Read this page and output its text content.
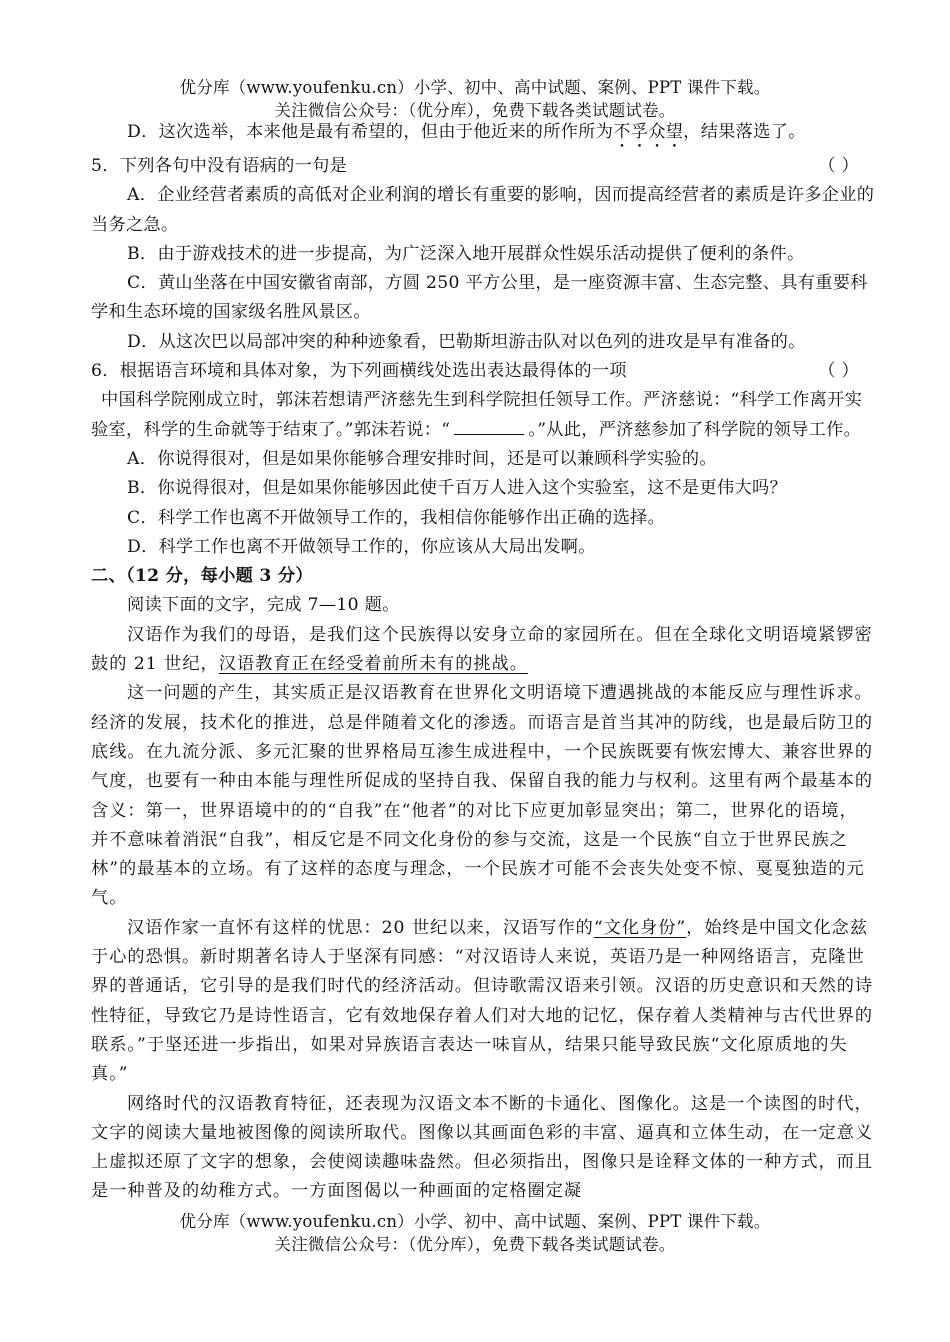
优分库（www.youfenku.cn）小学、初中、高中试题、案例、PPT 课件下载。
关注微信公众号：（优分库），免费下载各类试题试卷。

D．这次选举，本来他是最有希望的，但由于他近来的所作所为不孚众望，结果落选了。

5．下列各句中没有语病的一句是	（ ）

A．企业经营者素质的高低对企业利润的增长有重要的影响，因而提高经营者的素质是许多企业的当务之急。

B．由于游戏技术的进一步提高，为广泛深入地开展群众性娱乐活动提供了便利的条件。

C．黄山坐落在中国安徽省南部，方圆 250 平方公里，是一座资源丰富、生态完整、具有重要科学和生态环境的国家级名胜风景区。

D．从这次巴以局部冲突的种种迹象看，巴勒斯坦游击队对以色列的进攻是早有准备的。

6．根据语言环境和具体对象，为下列画横线处选出表达最得体的一项	（ ）

中国科学院刚成立时，郭沫若想请严济慈先生到科学院担任领导工作。严济慈说：“科学工作离开实验室，科学的生命就等于结束了。”郭沫若说：“	。”从此，严济慈参加了科学院的领导工作。

A．你说得很对，但是如果你能够合理安排时间，还是可以兼顾科学实验的。

B．你说得很对，但是如果你能够因此使千百万人进入这个实验室，这不是更伟大吗？

C．科学工作也离不开做领导工作的，我相信你能够作出正确的选择。

D．科学工作也离不开做领导工作的，你应该从大局出发啊。

二、（12 分，每小题 3 分）

阅读下面的文字，完成 7—10 题。

汉语作为我们的母语，是我们这个民族得以安身立命的家园所在。但在全球化文明语境紧锣密鼓的 21 世纪，汉语教育正在经受着前所未有的挑战。

这一问题的产生，其实质正是汉语教育在世界化文明语境下遭遇挑战的本能反应与理性诉求。经济的发展，技术化的推进，总是伴随着文化的渗透。而语言是首当其冲的防线，也是最后防卫的底线。在九流分派、多元汇聚的世界格局互渗生成进程中，一个民族既要有恢宏博大、兼容世界的气度，也要有一种由本能与理性所促成的坚持自我、保留自我的能力与权利。这里有两个最基本的含义：第一，世界语境中的的“自我”在“他者”的对比下应更加彰显突出；第二，世界化的语境，并不意味着消泯“自我”，相反它是不同文化身份的参与交流，这是一个民族“自立于世界民族之林”的最基本的立场。有了这样的态度与理念，一个民族才可能不会丧失处变不惊、戛戛独造的元气。

汉语作家一直怀有这样的忧思：20 世纪以来，汉语写作的“文化身份”，始终是中国文化念兹于心的恐惧。新时期著名诗人于坚深有同感：“对汉语诗人来说，英语乃是一种网络语言，克隆世界的普通话，它引导的是我们时代的经济活动。但诗歌需汉语来引领。汉语的历史意识和天然的诗性特征，导致它乃是诗性语言，它有效地保存着人们对大地的记忆，保存着人类精神与古代世界的联系。”于坚还进一步指出，如果对异族语言表达一味盲从，结果只能导致民族“文化原质地的失真。”

网络时代的汉语教育特征，还表现为汉语文本不断的卡通化、图像化。这是一个读图的时代，文字的阅读大量地被图像的阅读所取代。图像以其画面色彩的丰富、逼真和立体生动，在一定意义上虚拟还原了文字的想象，会使阅读趣味盎然。但必须指出，图像只是诠释文体的一种方式，而且是一种普及的幼稚方式。一方面图偈以一种画面的定格圈定凝

优分库（www.youfenku.cn）小学、初中、高中试题、案例、PPT 课件下载。
关注微信公众号：（优分库），免费下载各类试题试卷。
